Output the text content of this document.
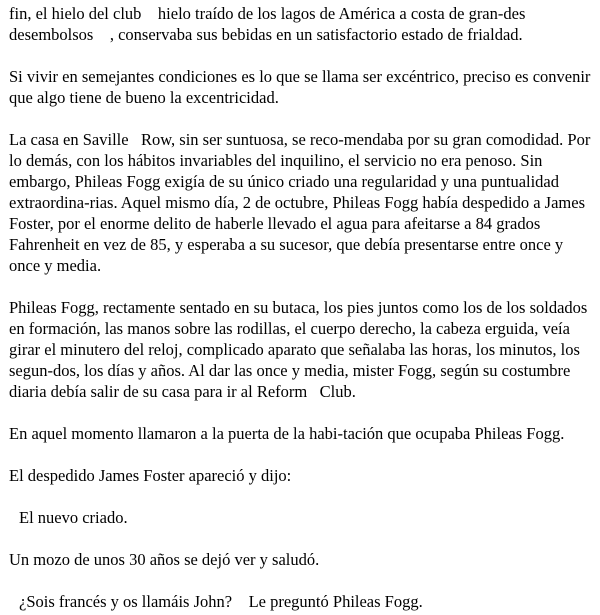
fin, el hielo del club    hielo traído de los lagos de América a costa de gran-des desembolsos    , conservaba sus bebidas en un satisfactorio estado de frialdad.

Si vivir en semejantes condiciones es lo que se llama ser excéntrico, preciso es convenir que algo tiene de bueno la excentricidad.

La casa en Saville   Row, sin ser suntuosa, se reco-mendaba por su gran comodidad. Por lo demás, con los hábitos invariables del inquilino, el servicio no era penoso. Sin embargo, Phileas Fogg exigía de su único criado una regularidad y una puntualidad extraordina-rias. Aquel mismo día, 2 de octubre, Phileas Fogg había despedido a James Foster, por el enorme delito de haberle llevado el agua para afeitarse a 84 grados Fahrenheit en vez de 85, y esperaba a su sucesor, que debía presentarse entre once y once y media.

Phileas Fogg, rectamente sentado en su butaca, los pies juntos como los de los soldados en formación, las manos sobre las rodillas, el cuerpo derecho, la cabeza erguida, veía girar el minutero del reloj, complicado aparato que señalaba las horas, los minutos, los segun-dos, los días y años. Al dar las once y media, mister Fogg, según su costumbre diaria debía salir de su casa para ir al Reform   Club.

En aquel momento llamaron a la puerta de la habi-tación que ocupaba Phileas Fogg.

El despedido James Foster apareció y dijo:

El nuevo criado.

Un mozo de unos 30 años se dejó ver y saludó.

¿Sois francés y os llamáis John?    Le preguntó Phileas Fogg.
